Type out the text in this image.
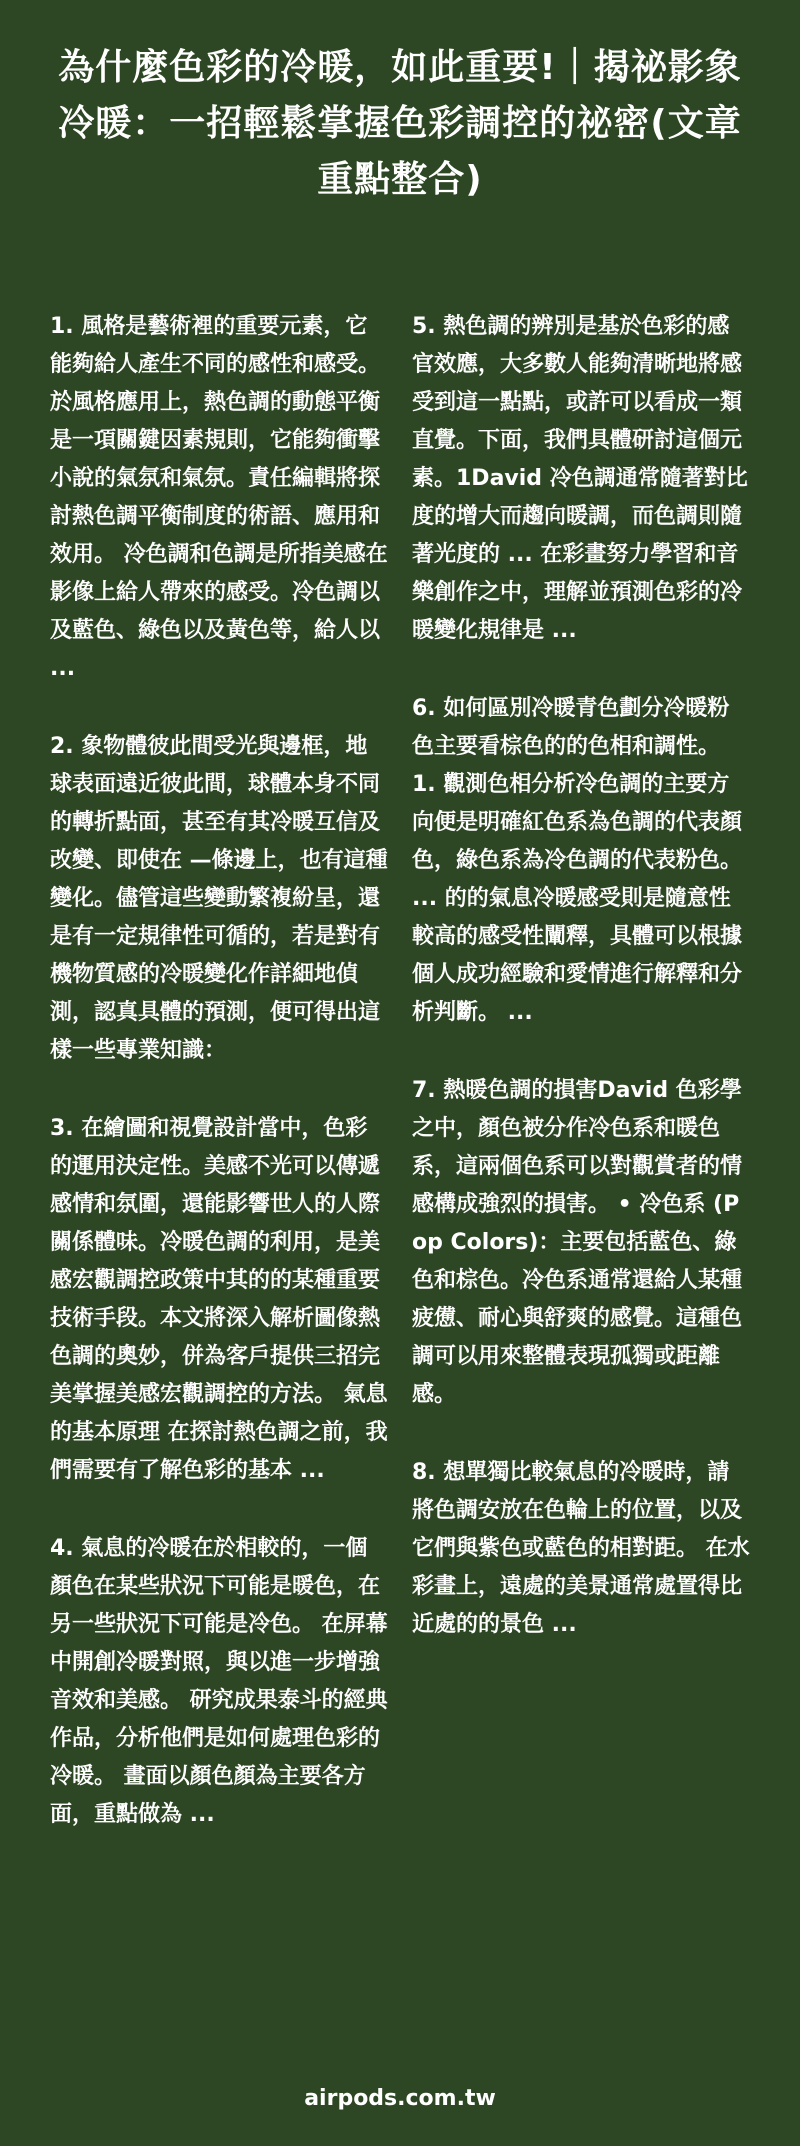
為什麼色彩的冷暖，如此重要!｜揭祕影象冷暖：一招輕鬆掌握色彩調控的祕密(文章重點整合)

1. 風格是藝術裡的重要元素，它能夠給人產生不同的感性和感受。於風格應用上，熱色調的動態平衡是一項關鍵因素規則，它能夠衝擊小說的氣氛和氣氛。責任編輯將探討熱色調平衡制度的術語、應用和效用。 冷色調和色調是所指美感在影像上給人帶來的感受。冷色調以及藍色、綠色以及黃色等，給人以 ...

2. 象物體彼此間受光與邊框，地球表面遠近彼此間，球體本身不同的轉折點面，甚至有其冷暖互信及改變、即使在 —條邊上，也有這種變化。儘管這些變動繁複紛呈，還是有一定規律性可循的，若是對有機物質感的冷暖變化作詳細地偵測，認真具體的預測，便可得出這樣一些專業知識：

3. 在繪圖和視覺設計當中，色彩的運用決定性。美感不光可以傳遞感情和氛圍，還能影響世人的人際關係體味。冷暖色調的利用，是美感宏觀調控政策中其的的某種重要技術手段。本文將深入解析圖像熱色調的奧妙，併為客戶提供三招完美掌握美感宏觀調控的方法。 氣息的基本原理 在探討熱色調之前，我們需要有了解色彩的基本 ...

4. 氣息的冷暖在於相較的，一個顏色在某些狀況下可能是暖色，在另一些狀況下可能是冷色。 在屏幕中開創冷暖對照，與以進一步增強音效和美感。 研究成果泰斗的經典作品，分析他們是如何處理色彩的冷暖。 畫面以顏色顏為主要各方面，重點做為 ...

5. 熱色調的辨別是基於色彩的感官效應，大多數人能夠清晰地將感受到這一點點，或許可以看成一類直覺。下面，我們具體研討這個元素。1David 冷色調通常隨著對比度的增大而趨向暖調，而色調則隨著光度的 ... 在彩畫努力學習和音樂創作之中，理解並預測色彩的冷暖變化規律是 ...

6. 如何區別冷暖青色劃分冷暖粉色主要看棕色的的色相和調性。 1. 觀測色相分析冷色調的主要方向便是明確紅色系為色調的代表顏色，綠色系為冷色調的代表粉色。 ... 的的氣息冷暖感受則是隨意性較高的感受性闡釋，具體可以根據個人成功經驗和愛情進行解釋和分析判斷。 ...

7. 熱暖色調的損害David 色彩學之中，顏色被分作冷色系和暖色系，這兩個色系可以對觀賞者的情感構成強烈的損害。 • 冷色系 (Pop Colors)：主要包括藍色、綠色和棕色。冷色系通常還給人某種疲憊、耐心與舒爽的感覺。這種色調可以用來整體表現孤獨或距離感。

8. 想單獨比較氣息的冷暖時，請將色調安放在色輪上的位置，以及它們與紫色或藍色的相對距。 在水彩畫上，遠處的美景通常處置得比近處的的景色 ...

airpods.com.tw
